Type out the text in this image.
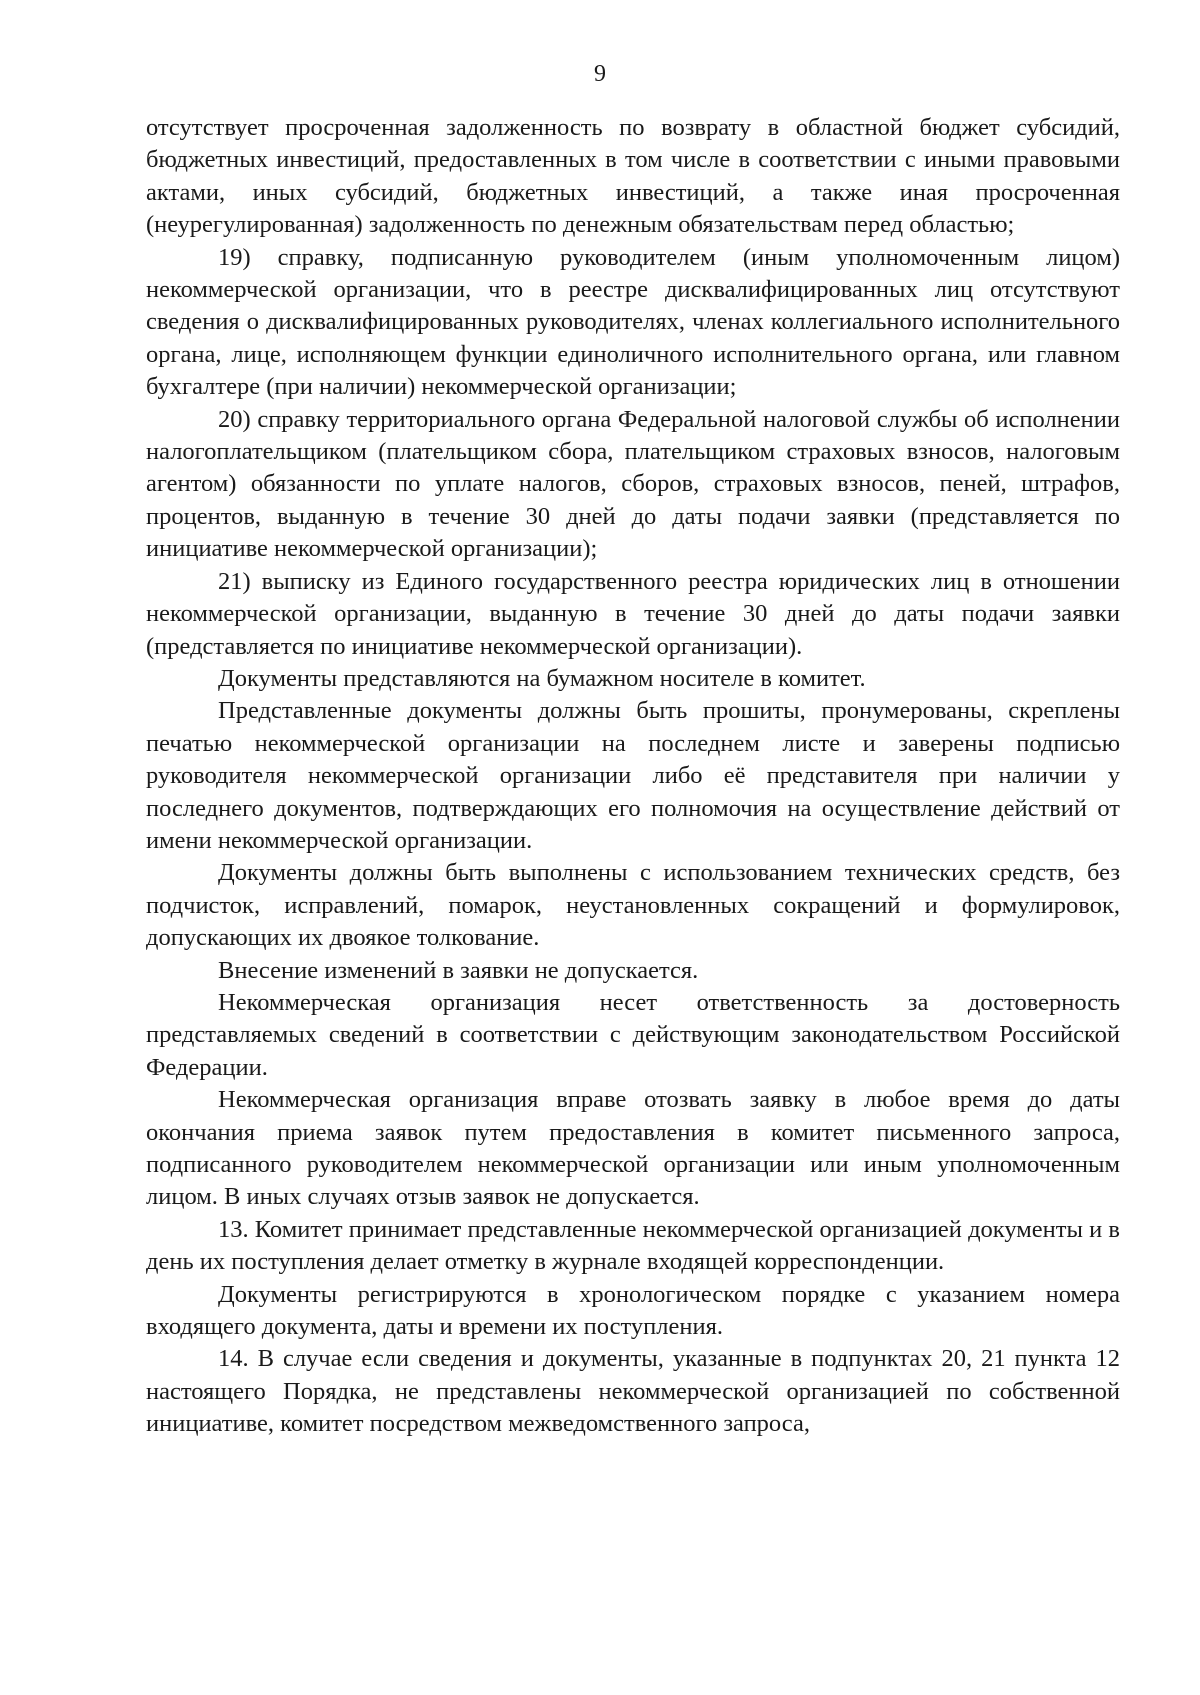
9

отсутствует просроченная задолженность по возврату в областной бюджет субсидий, бюджетных инвестиций, предоставленных в том числе в соответствии с иными правовыми актами, иных субсидий, бюджетных инвестиций, а также иная просроченная (неурегулированная) задолженность по денежным обязательствам перед областью;

19) справку, подписанную руководителем (иным уполномоченным лицом) некоммерческой организации, что в реестре дисквалифицированных лиц отсутствуют сведения о дисквалифицированных руководителях, членах коллегиального исполнительного органа, лице, исполняющем функции единоличного исполнительного органа, или главном бухгалтере (при наличии) некоммерческой организации;

20) справку территориального органа Федеральной налоговой службы об исполнении налогоплательщиком (плательщиком сбора, плательщиком страховых взносов, налоговым агентом) обязанности по уплате налогов, сборов, страховых взносов, пеней, штрафов, процентов, выданную в течение 30 дней до даты подачи заявки (представляется по инициативе некоммерческой организации);

21) выписку из Единого государственного реестра юридических лиц в отношении некоммерческой организации, выданную в течение 30 дней до даты подачи заявки (представляется по инициативе некоммерческой организации).

Документы представляются на бумажном носителе в комитет.

Представленные документы должны быть прошиты, пронумерованы, скреплены печатью некоммерческой организации на последнем листе и заверены подписью руководителя некоммерческой организации либо её представителя при наличии у последнего документов, подтверждающих его полномочия на осуществление действий от имени некоммерческой организации.

Документы должны быть выполнены с использованием технических средств, без подчисток, исправлений, помарок, неустановленных сокращений и формулировок, допускающих их двоякое толкование.

Внесение изменений в заявки не допускается.

Некоммерческая организация несет ответственность за достоверность представляемых сведений в соответствии с действующим законодательством Российской Федерации.

Некоммерческая организация вправе отозвать заявку в любое время до даты окончания приема заявок путем предоставления в комитет письменного запроса, подписанного руководителем некоммерческой организации или иным уполномоченным лицом. В иных случаях отзыв заявок не допускается.

13. Комитет принимает представленные некоммерческой организацией документы и в день их поступления делает отметку в журнале входящей корреспонденции.

Документы регистрируются в хронологическом порядке с указанием номера входящего документа, даты и времени их поступления.

14. В случае если сведения и документы, указанные в подпунктах 20, 21 пункта 12 настоящего Порядка, не представлены некоммерческой организацией по собственной инициативе, комитет посредством межведомственного запроса,
